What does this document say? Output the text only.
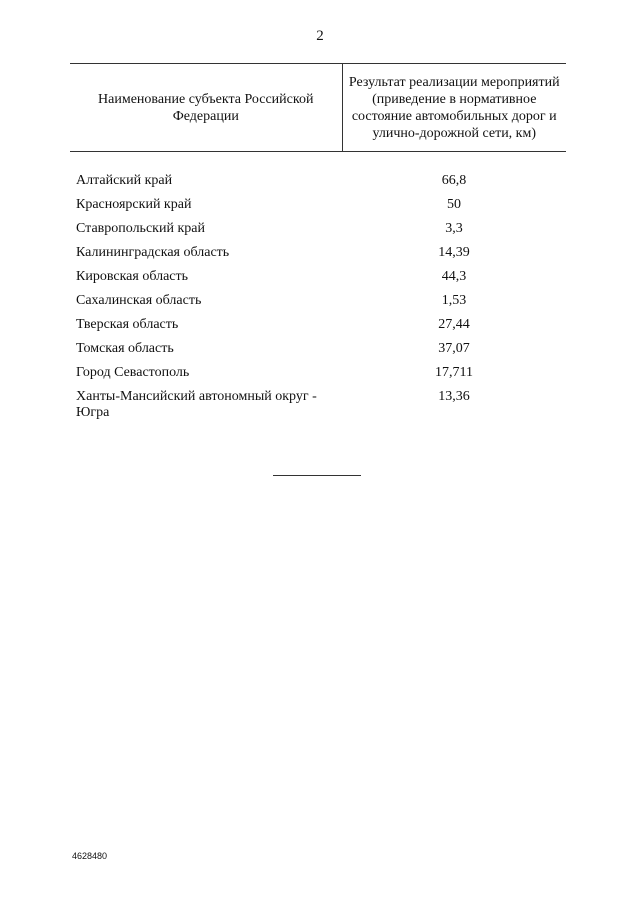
2
Наименование субъекта Российской Федерации	Результат реализации мероприятий (приведение в нормативное состояние автомобильных дорог и улично-дорожной сети, км)

Алтайский край	66,8
Красноярский край	50
Ставропольский край	3,3
Калининградская область	14,39
Кировская область	44,3
Сахалинская область	1,53
Тверская область	27,44
Томская область	37,07
Город Севастополь	17,711
Ханты-Мансийский автономный округ - Югра	13,36
4628480
